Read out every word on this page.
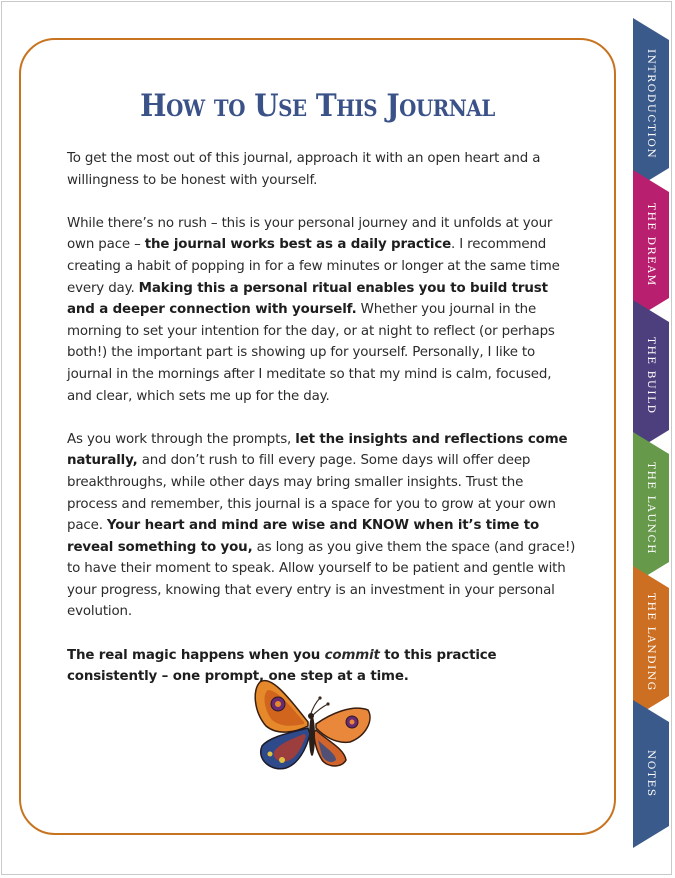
How to Use This Journal

To get the most out of this journal, approach it with an open heart and a willingness to be honest with yourself.

While there’s no rush – this is your personal journey and it unfolds at your own pace – the journal works best as a daily practice. I recommend creating a habit of popping in for a few minutes or longer at the same time every day. Making this a personal ritual enables you to build trust and a deeper connection with yourself. Whether you journal in the morning to set your intention for the day, or at night to reflect (or perhaps both!) the important part is showing up for yourself. Personally, I like to journal in the mornings after I meditate so that my mind is calm, focused, and clear, which sets me up for the day.

As you work through the prompts, let the insights and reflections come naturally, and don’t rush to fill every page. Some days will offer deep breakthroughs, while other days may bring smaller insights. Trust the process and remember, this journal is a space for you to grow at your own pace. Your heart and mind are wise and KNOW when it’s time to reveal something to you, as long as you give them the space (and grace!) to have their moment to speak. Allow yourself to be patient and gentle with your progress, knowing that every entry is an investment in your personal evolution.

The real magic happens when you commit to this practice consistently – one prompt, one step at a time.

INTRODUCTION
THE DREAM
THE BUILD
THE LAUNCH
THE LANDING
NOTES
